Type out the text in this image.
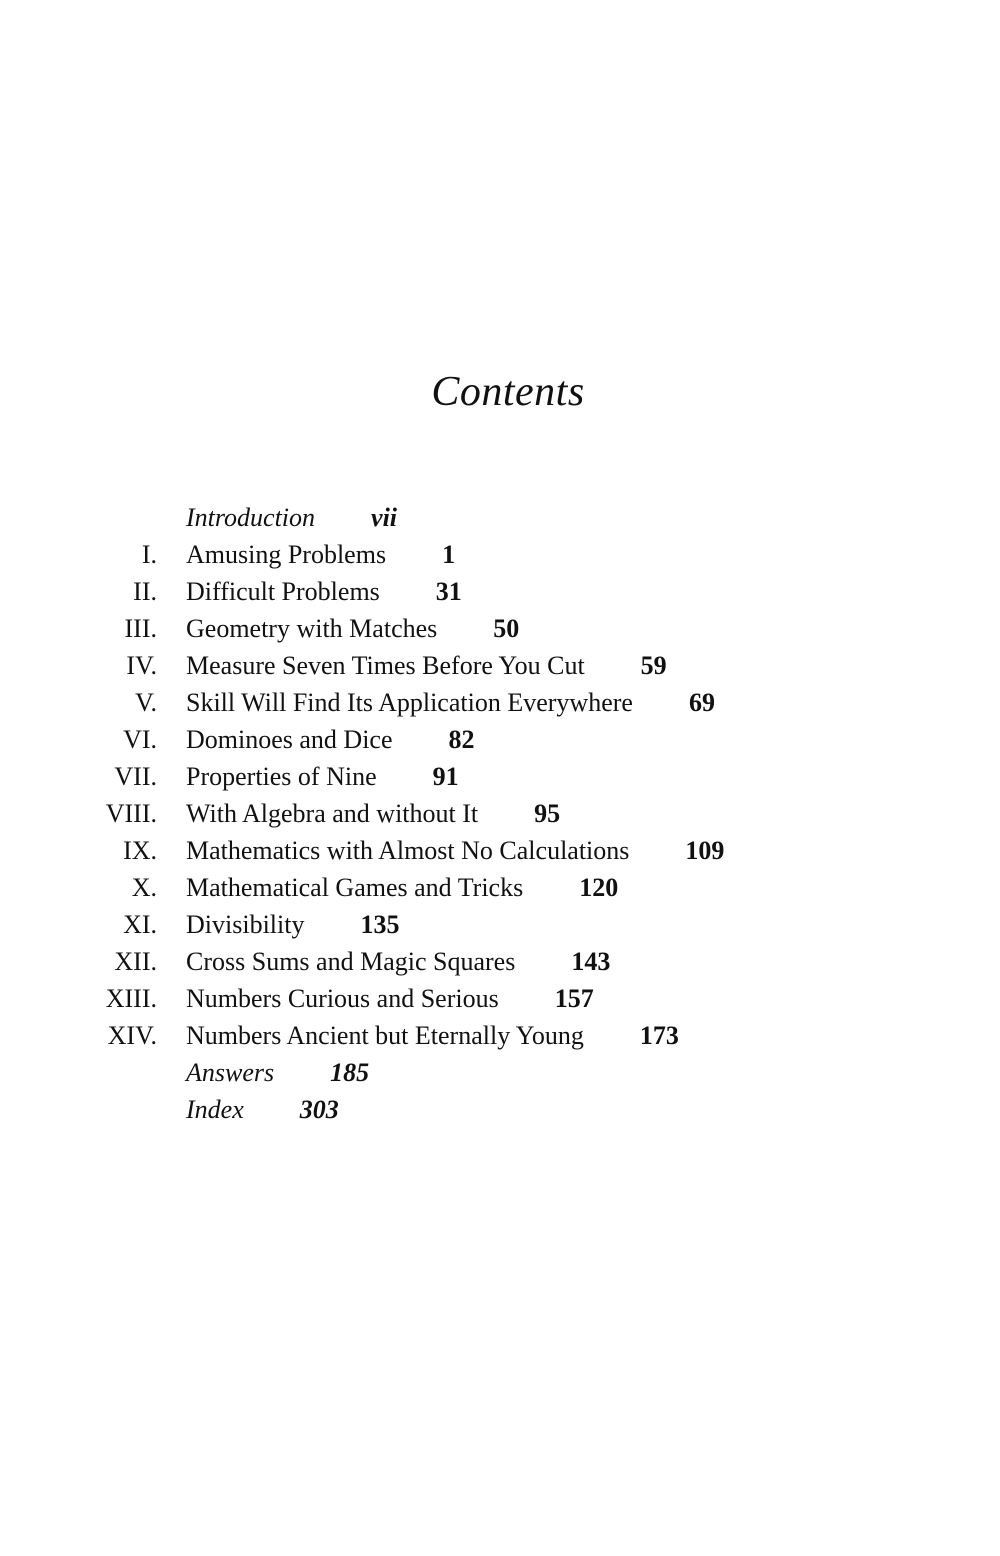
Contents
Introduction vii
I. Amusing Problems 1
II. Difficult Problems 31
III. Geometry with Matches 50
IV. Measure Seven Times Before You Cut 59
V. Skill Will Find Its Application Everywhere 69
VI. Dominoes and Dice 82
VII. Properties of Nine 91
VIII. With Algebra and without It 95
IX. Mathematics with Almost No Calculations 109
X. Mathematical Games and Tricks 120
XI. Divisibility 135
XII. Cross Sums and Magic Squares 143
XIII. Numbers Curious and Serious 157
XIV. Numbers Ancient but Eternally Young 173
Answers 185
Index 303
